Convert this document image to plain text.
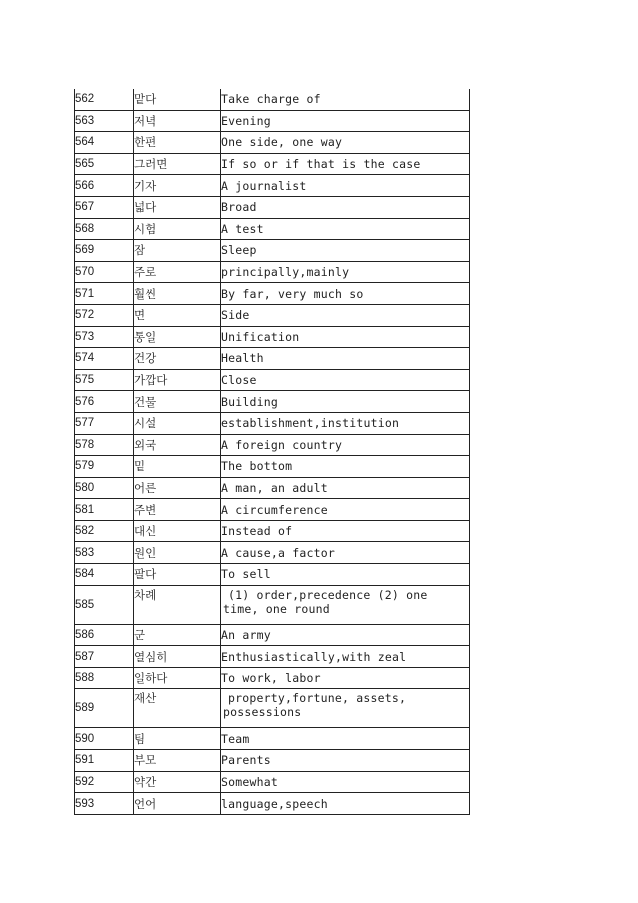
562	맡다	Take charge of
563	저녁	Evening
564	한편	One side, one way
565	그러면	If so or if that is the case
566	기자	A journalist
567	넓다	Broad
568	시험	A test
569	잠	Sleep
570	주로	principally,mainly
571	훨씬	By far, very much so
572	면	Side
573	통일	Unification
574	건강	Health
575	가깝다	Close
576	건물	Building
577	시설	establishment,institution
578	외국	A foreign country
579	밑	The bottom
580	어른	A man, an adult
581	주변	A circumference
582	대신	Instead of
583	원인	A cause,a factor
584	팔다	To sell
585	차례	(1) order,precedence (2) one time, one round

586	군	An army
587	열심히	Enthusiastically,with zeal
588	일하다	To work, labor
589	재산	property,fortune, assets, possessions

590	팀	Team
591	부모	Parents
592	약간	Somewhat
593	언어	language,speech
